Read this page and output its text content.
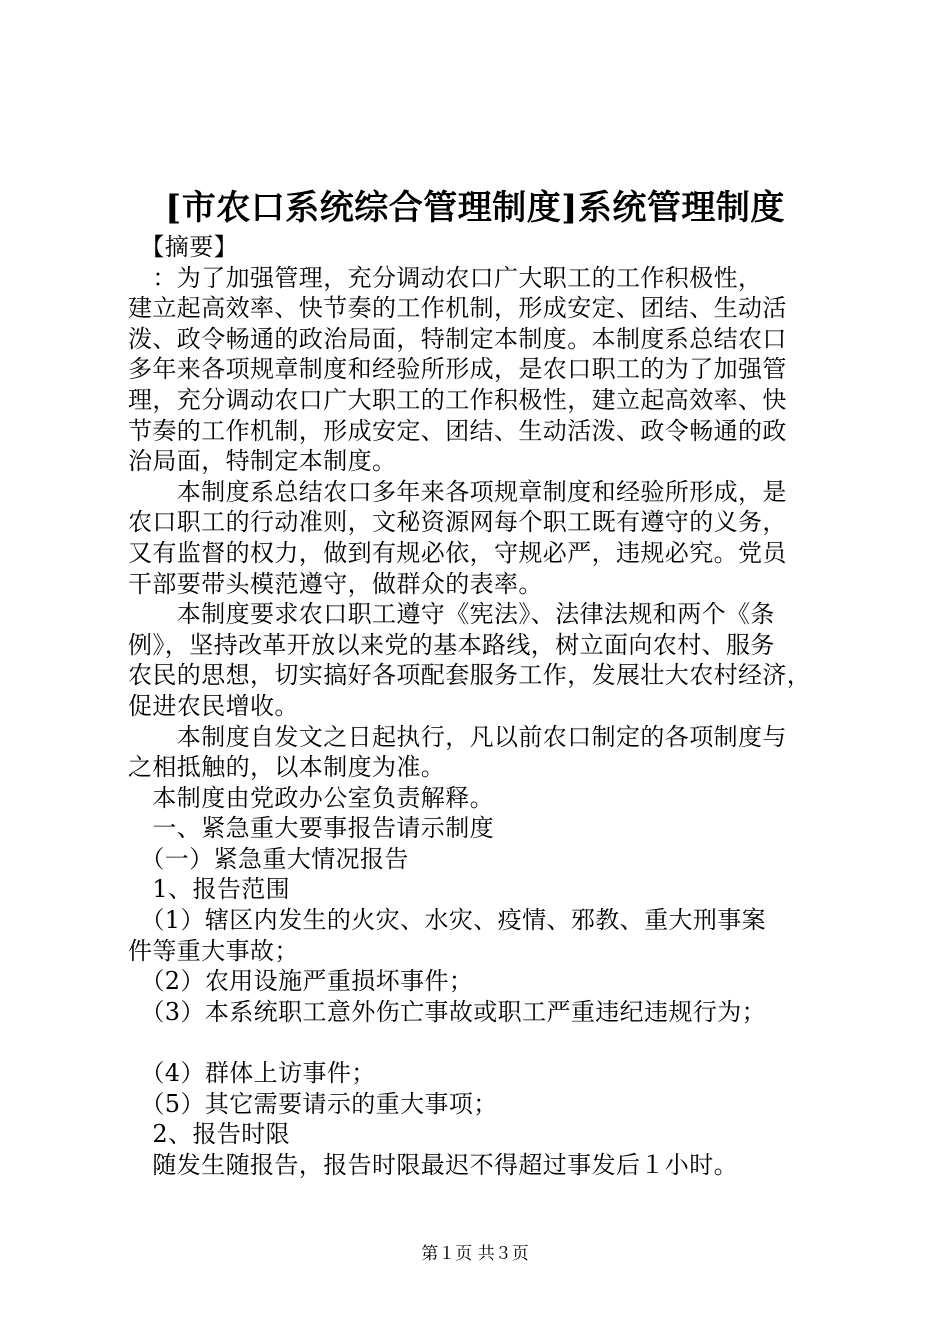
[市农口系统综合管理制度]系统管理制度
　【摘要】
　：为了加强管理，充分调动农口广大职工的工作积极性，
建立起高效率、快节奏的工作机制，形成安定、团结、生动活
泼、政令畅通的政治局面，特制定本制度。本制度系总结农口
多年来各项规章制度和经验所形成，是农口职工的为了加强管
理，充分调动农口广大职工的工作积极性，建立起高效率、快
节奏的工作机制，形成安定、团结、生动活泼、政令畅通的政
治局面，特制定本制度。
　　本制度系总结农口多年来各项规章制度和经验所形成，是
农口职工的行动准则，文秘资源网每个职工既有遵守的义务，
又有监督的权力，做到有规必依，守规必严，违规必究。党员
干部要带头模范遵守，做群众的表率。
　　本制度要求农口职工遵守《宪法》、法律法规和两个《条
例》，坚持改革开放以来党的基本路线，树立面向农村、服务
农民的思想，切实搞好各项配套服务工作，发展壮大农村经济，
促进农民增收。
　　本制度自发文之日起执行，凡以前农口制定的各项制度与
之相抵触的，以本制度为准。
　本制度由党政办公室负责解释。
　一、紧急重大要事报告请示制度
　（一）紧急重大情况报告
　1、报告范围
　（1）辖区内发生的火灾、水灾、疫情、邪教、重大刑事案
件等重大事故；
　（2）农用设施严重损坏事件；
　（3）本系统职工意外伤亡事故或职工严重违纪违规行为；
　（4）群体上访事件；
　（5）其它需要请示的重大事项；
　2、报告时限
　随发生随报告，报告时限最迟不得超过事发后１小时。
第１页 共３页
